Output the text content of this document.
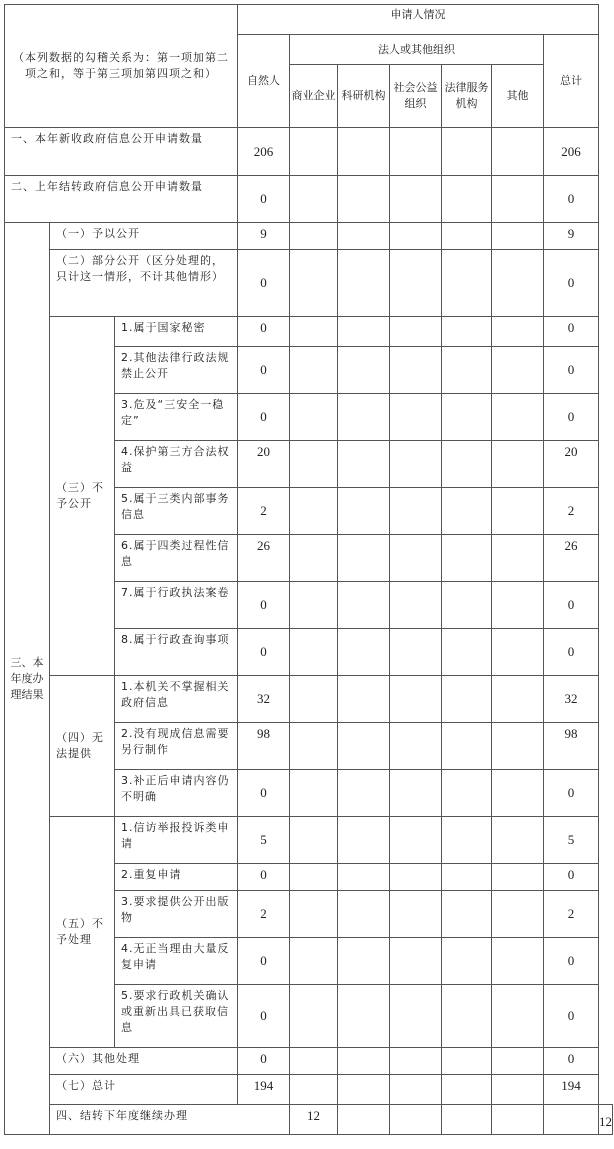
（本列数据的勾稽关系为：第一项加第二项之和，等于第三项加第四项之和）			申请人情况							
			自然人	法人或其他组织					总计	
				商业企业	科研机构	社会公益组织	法律服务机构	其他		
一、本年新收政府信息公开申请数量			206						206	
二、上年结转政府信息公开申请数量			0						0	
三、本年度办理结果	（一）予以公开		9						9	
	（二）部分公开（区分处理的，只计这一情形，不计其他情形）		0						0	
	（三）不予公开	1.属于国家秘密	0						0	
		2.其他法律行政法规禁止公开	0						0	
		3.危及“三安全一稳定”	0						0	
		4.保护第三方合法权益	20						20	
		5.属于三类内部事务信息	2						2	
		6.属于四类过程性信息	26						26	
		7.属于行政执法案卷	0						0	
		8.属于行政查询事项	0						0	
	（四）无法提供	1.本机关不掌握相关政府信息	32						32	
		2.没有现成信息需要另行制作	98						98	
		3.补正后申请内容仍不明确	0						0	
	（五）不予处理	1.信访举报投诉类申请	5						5	
		2.重复申请	0						0	
		3.要求提供公开出版物	2						2	
		4.无正当理由大量反复申请	0						0	
		5.要求行政机关确认或重新出具已获取信息	0						0	
	（六）其他处理		0						0	
	（七）总计		194						194	
	四、结转下年度继续办理			12						12
